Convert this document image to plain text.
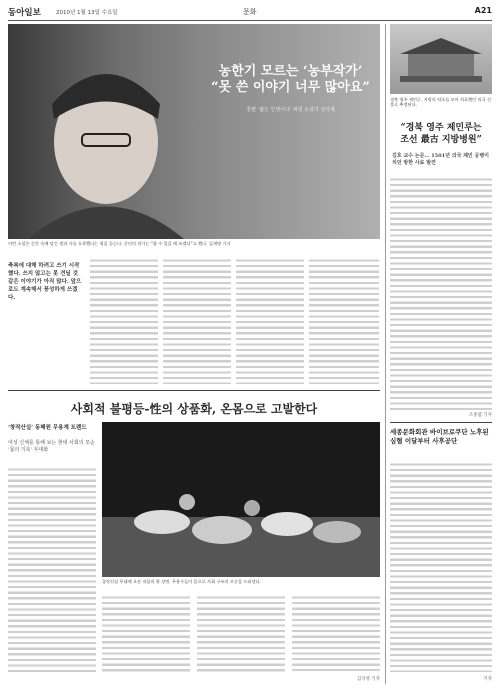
동아일보	2010년 1월 13일 수요일	문화	A21
농한기 모르는 ‘농부작가’
“못 쓴 이야기 너무 많아요”
장편 ‘젊은 인생이다’ 펴낸 소설가 성석제
이번 소설은 순간 속에 담긴 생과 사를 포착했다는 평을 듣는다. 중년의 작가는 “쓸 수 있을 때 쓰겠다”고 했다. 김재명 기자
축복에 대해 하려고 쓰기 시작했다. 쓰지 않고는 못 견딜 것 같은 이야기가 아직 많다. 앞으로도 계속해서 풍성하게 쓰겠다.
경북 영주 제민루. 지방의 약초를 모아 치료했던 의국 건물로 추정된다.
“경북 영주 제민루는
조선 最古 지방병원”
김호 교수 논문… 1501년 의국 제민 공병이치던 방한 사료 발견
조종엽 기자
사회적 불평등-性의 상품화, 온몸으로 고발한다
‘창작산실’ 동혜원 무용계 트렌드
여성 신체를 통해 보는 현대 사회의 모순 ‘몸의 기록’ 무대화
창작산실 무대에 오른 작품의 한 장면. 무용수들이 몸으로 사회 구조의 모순을 드러낸다.
김지영 기자
세종문화회관 바이브로쿠단 노후된 심혈 이달부터 사후공단
기자
